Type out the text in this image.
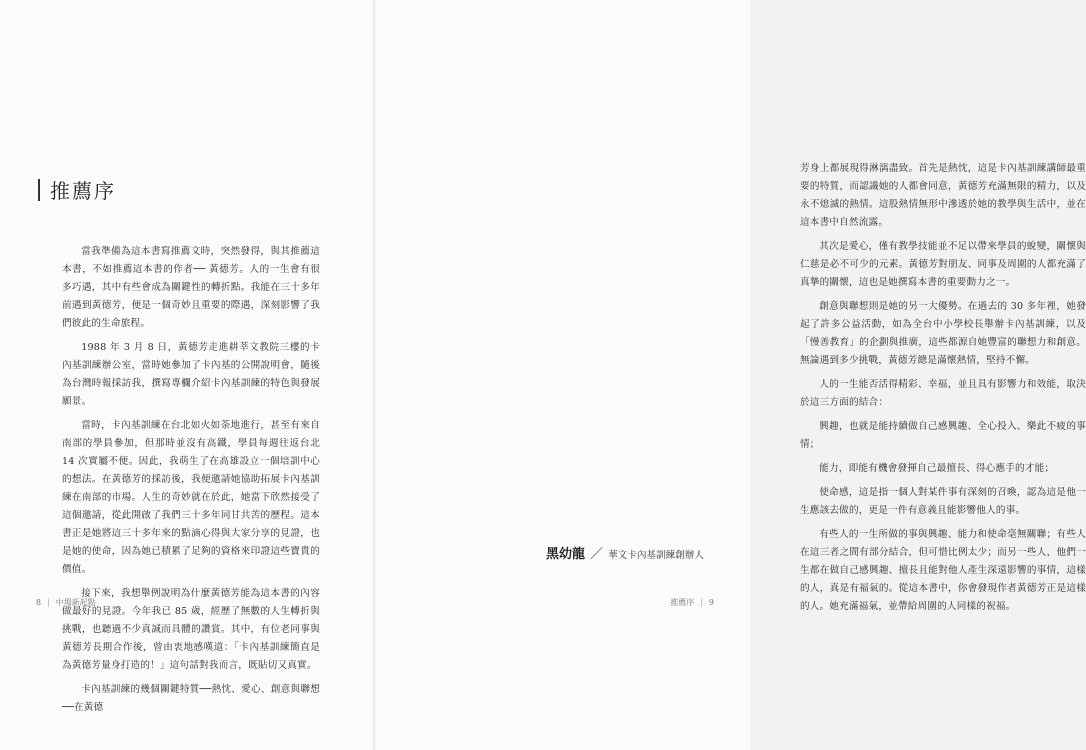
推薦序

當我準備為這本書寫推薦文時，突然發得，與其推薦這本書，不如推薦這本書的作者── 黃德芳。人的一生會有很多巧遇，其中有些會成為關鍵性的轉折點。我能在三十多年前遇到黃德芳，便是一個奇妙且重要的際遇，深刻影響了我們彼此的生命旅程。

1988 年 3 月 8 日，黃德芳走進耕莘文教院三樓的卡內基訓練辦公室，當時她參加了卡內基的公開說明會，隨後為台灣時報採訪我，撰寫專欄介紹卡內基訓練的特色與發展願景。

當時，卡內基訓練在台北如火如荼地進行，甚至有來自南部的學員參加，但那時並沒有高鐵，學員每週往返台北 14 次實屬不便。因此，我萌生了在高雄設立一個培訓中心的想法。在黃德芳的採訪後，我便邀請她協助拓展卡內基訓練在南部的市場。人生的奇妙就在於此，她當下欣然接受了這個邀請，從此開啟了我們三十多年同甘共苦的歷程。這本書正是她將這三十多年來的點滴心得與大家分享的見證，也是她的使命，因為她已積累了足夠的資格來印證這些寶貴的價值。

接下來，我想舉例說明為什麼黃德芳能為這本書的內容做最好的見證。今年我已 85 歲，經歷了無數的人生轉折與挑戰，也聽過不少真誠而具體的讚賞。其中，有位老同事與黃德芳長期合作後，曾由衷地感嘆道：「卡內基訓練簡直是為黃德芳量身打造的！」這句話對我而言，既貼切又真實。

卡內基訓練的幾個關鍵特質──熱忱、愛心、創意與聯想──在黃德

8 | 中場新起點

芳身上都展現得淋漓盡致。首先是熱忱，這是卡內基訓練講師最重要的特質，而認識她的人都會同意，黃德芳充滿無限的精力，以及永不熄滅的熱情。這股熱情無形中滲透於她的教學與生活中，並在這本書中自然流露。

其次是愛心，僅有教學技能並不足以帶來學員的蛻變，關懷與仁慈是必不可少的元素。黃德芳對朋友、同事及周圍的人都充滿了真摯的關懷，這也是她撰寫本書的重要動力之一。

創意與聯想則是她的另一大優勢。在過去的 30 多年裡，她發起了許多公益活動，如為全台中小學校長舉辦卡內基訓練，以及「慢善教育」的企劃與推廣，這些都源自她豐富的聯想力和創意。無論遇到多少挑戰，黃德芳總是滿懷熱情，堅持不懈。

人的一生能否活得精彩、幸福，並且具有影響力和效能，取決於這三方面的結合：

興趣，也就是能持續做自己感興趣、全心投入、樂此不疲的事情；

能力，即能有機會發揮自己最擅長、得心應手的才能；

使命感，這是指一個人對某件事有深刻的召喚，認為這是他一生應該去做的，更是一件有意義且能影響他人的事。

有些人的一生所做的事與興趣、能力和使命毫無關聯；有些人在這三者之間有部分結合，但可惜比例太少；而另一些人，他們一生都在做自己感興趣、擅長且能對他人產生深遠影響的事情，這樣的人，真是有福氣的。從這本書中，你會發現作者黃德芳正是這樣的人。她充滿福氣，並帶給周圍的人同樣的祝福。

黑幼龍 ／ 華文卡內基訓練創辦人
推薦序 | 9
